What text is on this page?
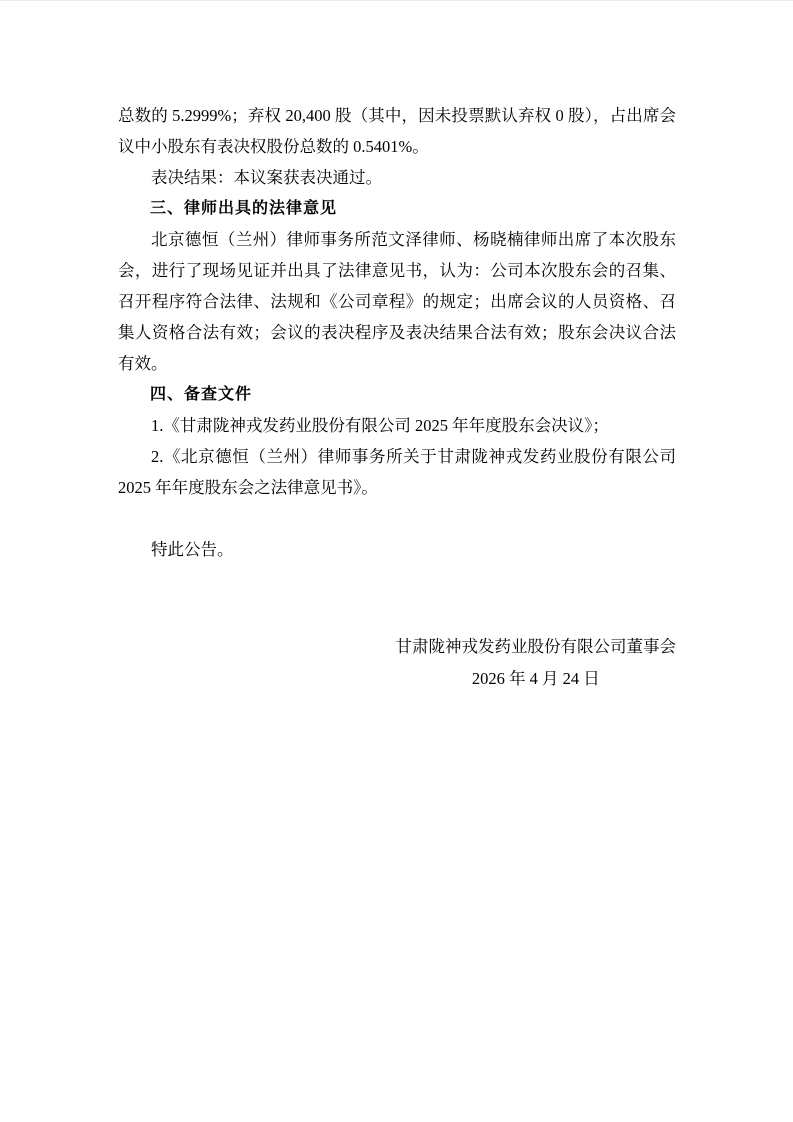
总数的 5.2999%；弃权 20,400 股（其中，因未投票默认弃权 0 股），占出席会议中小股东有表决权股份总数的 0.5401%。

表决结果：本议案获表决通过。

三、律师出具的法律意见

北京德恒（兰州）律师事务所范文泽律师、杨晓楠律师出席了本次股东会，进行了现场见证并出具了法律意见书，认为：公司本次股东会的召集、召开程序符合法律、法规和《公司章程》的规定；出席会议的人员资格、召集人资格合法有效；会议的表决程序及表决结果合法有效；股东会决议合法有效。

四、备查文件

1.《甘肃陇神戎发药业股份有限公司 2025 年年度股东会决议》；

2.《北京德恒（兰州）律师事务所关于甘肃陇神戎发药业股份有限公司 2025 年年度股东会之法律意见书》。

特此公告。

甘肃陇神戎发药业股份有限公司董事会
2026 年 4 月 24 日
